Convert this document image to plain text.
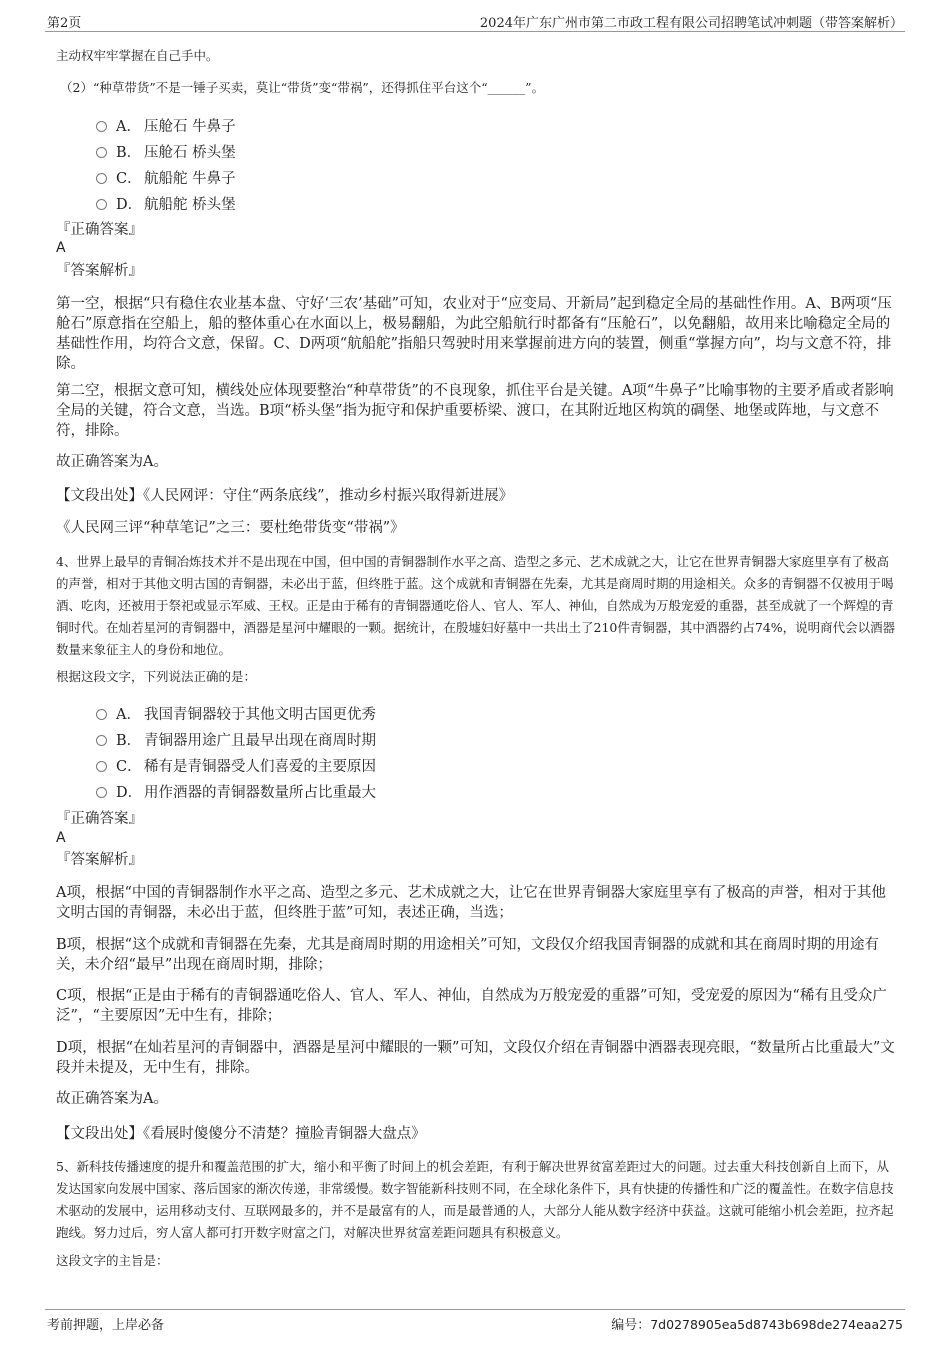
第2页	2024年广东广州市第二市政工程有限公司招聘笔试冲刺题（带答案解析）

主动权牢牢掌握在自己手中。

（2）“种草带货”不是一锤子买卖，莫让“带货”变“带祸”，还得抓住平台这个“______”。

A． 压舱石 牛鼻子
B． 压舱石 桥头堡
C． 航船舵 牛鼻子
D． 航船舵 桥头堡

『正确答案』

A

『答案解析』

第一空，根据“只有稳住农业基本盘、守好‘三农’基础”可知，农业对于“应变局、开新局”起到稳定全局的基础性作用。A、B两项“压舱石”原意指在空船上，船的整体重心在水面以上，极易翻船，为此空船航行时都备有“压舱石”，以免翻船，故用来比喻稳定全局的基础性作用，均符合文意，保留。C、D两项“航船舵”指船只驾驶时用来掌握前进方向的装置，侧重“掌握方向”，均与文意不符，排除。

第二空，根据文意可知，横线处应体现要整治“种草带货”的不良现象，抓住平台是关键。A项“牛鼻子”比喻事物的主要矛盾或者影响全局的关键，符合文意，当选。B项“桥头堡”指为扼守和保护重要桥梁、渡口，在其附近地区构筑的碉堡、地堡或阵地，与文意不符，排除。

故正确答案为A。

【文段出处】《人民网评：守住“两条底线”，推动乡村振兴取得新进展》

《人民网三评“种草笔记”之三：要杜绝带货变“带祸”》

4、世界上最早的青铜冶炼技术并不是出现在中国，但中国的青铜器制作水平之高、造型之多元、艺术成就之大，让它在世界青铜器大家庭里享有了极高的声誉，相对于其他文明古国的青铜器，未必出于蓝，但终胜于蓝。这个成就和青铜器在先秦，尤其是商周时期的用途相关。众多的青铜器不仅被用于喝酒、吃肉，还被用于祭祀或显示军威、王权。正是由于稀有的青铜器通吃俗人、官人、军人、神仙，自然成为万般宠爱的重器，甚至成就了一个辉煌的青铜时代。在灿若星河的青铜器中，酒器是星河中耀眼的一颗。据统计，在殷墟妇好墓中一共出土了210件青铜器，其中酒器约占74%，说明商代会以酒器数量来象征主人的身份和地位。

根据这段文字，下列说法正确的是：

A． 我国青铜器较于其他文明古国更优秀
B． 青铜器用途广且最早出现在商周时期
C． 稀有是青铜器受人们喜爱的主要原因
D． 用作酒器的青铜器数量所占比重最大

『正确答案』

A

『答案解析』

A项，根据“中国的青铜器制作水平之高、造型之多元、艺术成就之大，让它在世界青铜器大家庭里享有了极高的声誉，相对于其他文明古国的青铜器，未必出于蓝，但终胜于蓝”可知，表述正确，当选；

B项，根据“这个成就和青铜器在先秦，尤其是商周时期的用途相关”可知，文段仅介绍我国青铜器的成就和其在商周时期的用途有关，未介绍“最早”出现在商周时期，排除；

C项，根据“正是由于稀有的青铜器通吃俗人、官人、军人、神仙，自然成为万般宠爱的重器”可知，受宠爱的原因为“稀有且受众广泛”，“主要原因”无中生有，排除；

D项，根据“在灿若星河的青铜器中，酒器是星河中耀眼的一颗”可知，文段仅介绍在青铜器中酒器表现亮眼，“数量所占比重最大”文段并未提及，无中生有，排除。

故正确答案为A。

【文段出处】《看展时傻傻分不清楚？撞脸青铜器大盘点》

5、新科技传播速度的提升和覆盖范围的扩大，缩小和平衡了时间上的机会差距，有利于解决世界贫富差距过大的问题。过去重大科技创新自上而下，从发达国家向发展中国家、落后国家的渐次传递，非常缓慢。数字智能新科技则不同，在全球化条件下，具有快捷的传播性和广泛的覆盖性。在数字信息技术驱动的发展中，运用移动支付、互联网最多的，并不是最富有的人，而是最普通的人，大部分人能从数字经济中获益。这就可能缩小机会差距，拉齐起跑线。努力过后，穷人富人都可打开数字财富之门，对解决世界贫富差距问题具有积极意义。

这段文字的主旨是：

考前押题，上岸必备	编号：7d0278905ea5d8743b698de274eaa275
